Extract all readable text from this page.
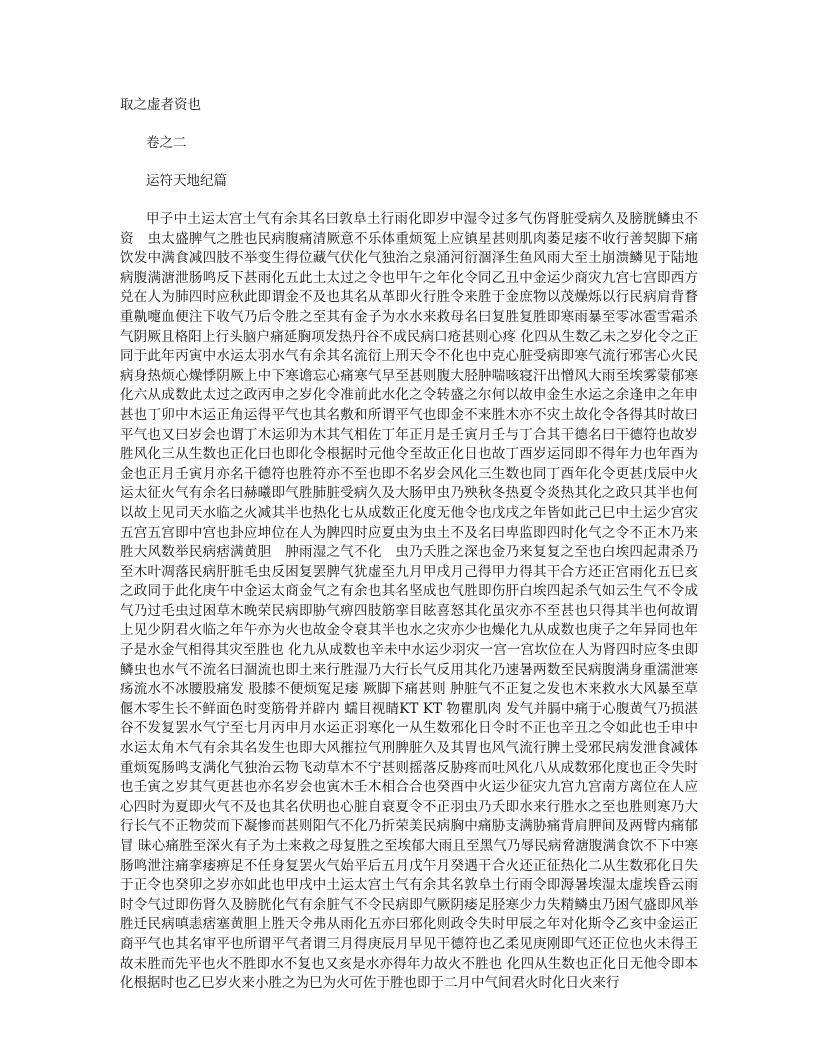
取之虚者资也
卷之二
运符天地纪篇

甲子中土运太宫土气有余其名曰敦阜土行雨化即岁中湿令过多气伤肾脏受病久及膀胱鳞虫不资　虫太盛脾气之胜也民病腹痛清厥意不乐体重烦冤上应镇星甚则肌肉萎足痿不收行善契脚下痛饮发中满食减四肢不举变生得位藏气伏化气独治之泉涌河衍涸泽生鱼风雨大至土崩溃鳞见于陆地病腹满溏泄肠鸣反下甚雨化五此土太过之令也甲午之年化令同乙丑中金运少商灾九宫七宫即西方兑在人为肺四时应秋此即谓金不及也其名从革即火行胜令来胜于金庶物以茂燥烁以行民病肩背瞀重鼽嚏血便注下收气乃后令胜之至其有金子为水水来救母名曰复胜复胜即寒雨暴至零冰雹雪霜杀气阴厥且格阳上行头脑户痛延胸项发热丹谷不成民病口疮甚则心疼 化四从生数乙未之岁化令之正同于此年丙寅中水运太羽水气有余其名流衍上刑天令不化也中克心脏受病即寒气流行邪害心火民病身热烦心燥悸阴厥上中下寒谵忘心痛寒气早至甚则腹大胫肿喘咳寝汗出憎风大雨至埃雾蒙郁寒化六从成数此太过之政丙申之岁化令准前此水化之令转盛之尔何以故申金生水运之余逢申之年申甚也丁卯中木运正角运得平气也其名敷和所谓平气也即金不来胜木亦不灾土故化令各得其时故曰平气也又曰岁会也谓丁木运卯为木其气相佐丁年正月是壬寅月壬与丁合其干德名曰干德符也故岁胜风化三从生数也正化曰也即化令根据时元他令至故正化日也故丁酉岁运同即不得年力也年酉为金也正月壬寅月亦名干德符也胜符亦不至也即不名岁会风化三生数也同丁酉年化令更甚戊辰中火运太征火气有余名曰赫曦即气胜肺脏受病久及大肠甲虫乃殃秋冬热夏令炎热其化之政只其半也何以故上见司天水临之火减其半也热化七从成数正化度无他令也戊戌之年皆如此己巳中土运少宫灾五宫五宫即中宫也卦应坤位在人为脾四时应夏虫为虫土不及名曰卑监即四时化气之令不正木乃来胜大风数举民病痞满黄胆　肿雨湿之气不化　虫乃夭胜之深也金乃来复复之至也白埃四起肃杀乃至木叶凋落民病肝脏毛虫反困复罢脾气犹虚至九月甲戌月己得甲力得其干合方还正宫雨化五巳亥之政同于此化庚午中金运太商金气之有余也其名坚成也气胜即伤肝白埃四起杀气如云生气不令成气乃过毛虫过困草木晚荣民病即胁气痹四肢筋挛目眩喜怒其化虽灾亦不至甚也只得其半也何故谓上见少阴君火临之年午亦为火也故金令衰其半也水之灾亦少也燥化九从成数也庚子之年异同也年子是水金气相得其灾至胜也 化九从成数也辛未中水运少羽灾一宫一宫坎位在人为肾四时应冬虫即鳞虫也水气不流名曰涸流也即土来行胜湿乃大行长气反用其化乃速暑两数至民病腹满身重濡泄寒疡流水不冰腰股痛发 股膝不便烦冤足痿 厥脚下痛甚则 肿脏气不正复之发也木来救水大风暴至草偃木零生长不鲜面色时变筋骨并辟内 蠕目视睛KT KT 物瞿肌肉 发气并膈中痛于心腹黄气乃损湛谷不发复罢水气宁至七月丙申月水运正羽寒化一从生数邪化日令时不正也辛丑之令如此也壬申中水运太角木气有余其名发生也即大风摧拉气刑脾脏久及其胃也风气流行脾土受邪民病发泄食减体重烦冤肠鸣支满化气独治云物飞动草木不宁甚则摇落反胁疼而吐风化八从成数邪化度也正令失时也壬寅之岁其气更甚也亦名岁会也寅木壬木相合合也癸酉中火运少征灾九宫九宫南方离位在人应心四时为夏即火气不及也其名伏明也心脏自衰夏令不正羽虫乃夭即水来行胜水之至也胜则寒乃大行长气不正物荧而下凝惨而甚则阳气不化乃折荣美民病胸中痛胁支满胁痛背肩胛间及两臂内痛郁冒 昧心痛胜至深火有子为土来救之母复胜之至埃郁大雨且至黑气乃辱民病脅溏腹满食饮不下中寒肠鸣泄注痛挛痿痹足不任身复罢火气始平后五月戊午月癸遇干合火还正征热化二从生数邪化日失于正令也癸卯之岁亦如此也甲戌中土运太宫土气有余其名敦阜土行雨令即溽暑埃湿太虚埃昏云雨时令气过即伤肾久及膀胱化气有余脏气不令民病即气厥阴痿足胫寒少力失精鳞虫乃困气盛即风举胜迁民病嗔恚痞塞黄胆上胜天令弗从雨化五亦曰邪化则政令失时甲辰之年对化斯令乙亥中金运正商平气也其名审平也所谓平气者谓三月得庚辰月早见干德符也乙柔见庚刚即气还正位也火未得王故未胜而先平也火不胜即水不复也又亥是水亦得年力故火不胜也 化四从生数也正化日无他令即本化根据时也乙巳岁火来小胜之为巳为火可佐于胜也即于二月中气间君火时化日火来行
